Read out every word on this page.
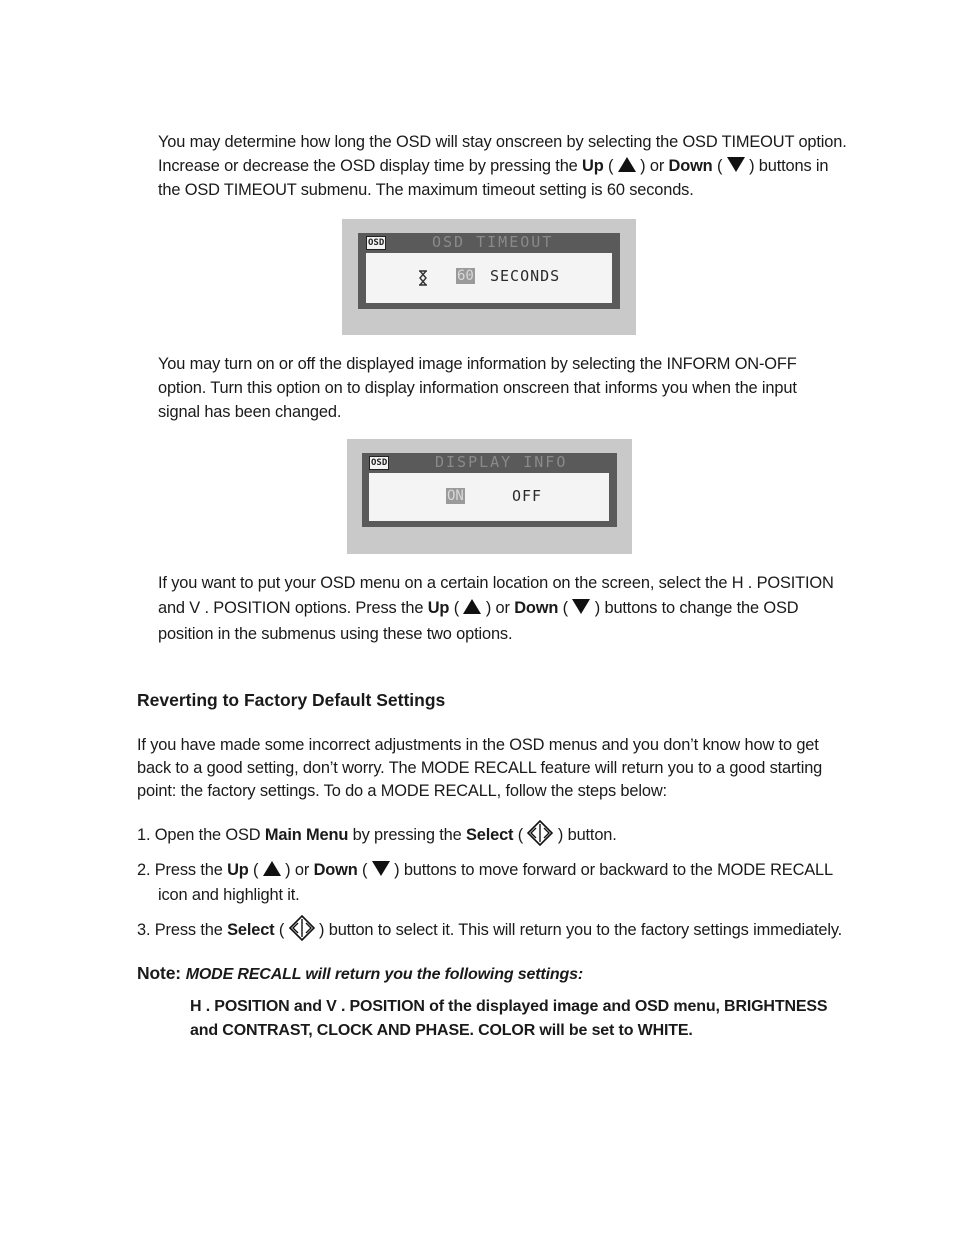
You may determine how long the OSD will stay onscreen by selecting the OSD TIMEOUT option.

Increase or decrease the OSD display time by pressing the Up (  ) or Down (  ) buttons in

the OSD TIMEOUT submenu. The maximum timeout setting is 60 seconds.

OSD	OSD TIMEOUT
60 SECONDS

You may turn on or off the displayed image information by selecting the INFORM ON-OFF

option. Turn this option on to display information onscreen that informs you when the input

signal has been changed.

OSD	DISPLAY INFO
ON	OFF

If you want to put your OSD menu on a certain location on the screen, select the H . POSITION

and V . POSITION options. Press the Up (  ) or Down (  ) buttons to change the OSD

position in the submenus using these two options.

Reverting to Factory Default Settings

If you have made some incorrect adjustments in the OSD menus and you don’t know how to get

back to a good setting, don’t worry. The MODE RECALL feature will return you to a good starting

point: the factory settings. To do a MODE RECALL, follow the steps below:

1. Open the OSD Main Menu by pressing the Select (  ) button.

2. Press the Up (  ) or Down (  ) buttons to move forward or backward to the MODE RECALL

icon and highlight it.

3. Press the Select (  ) button to select it. This will return you to the factory settings immediately.

Note: MODE RECALL will return you the following settings:

H . POSITION and V . POSITION of the displayed image and OSD menu, BRIGHTNESS

and CONTRAST, CLOCK AND PHASE. COLOR will be set to WHITE.
